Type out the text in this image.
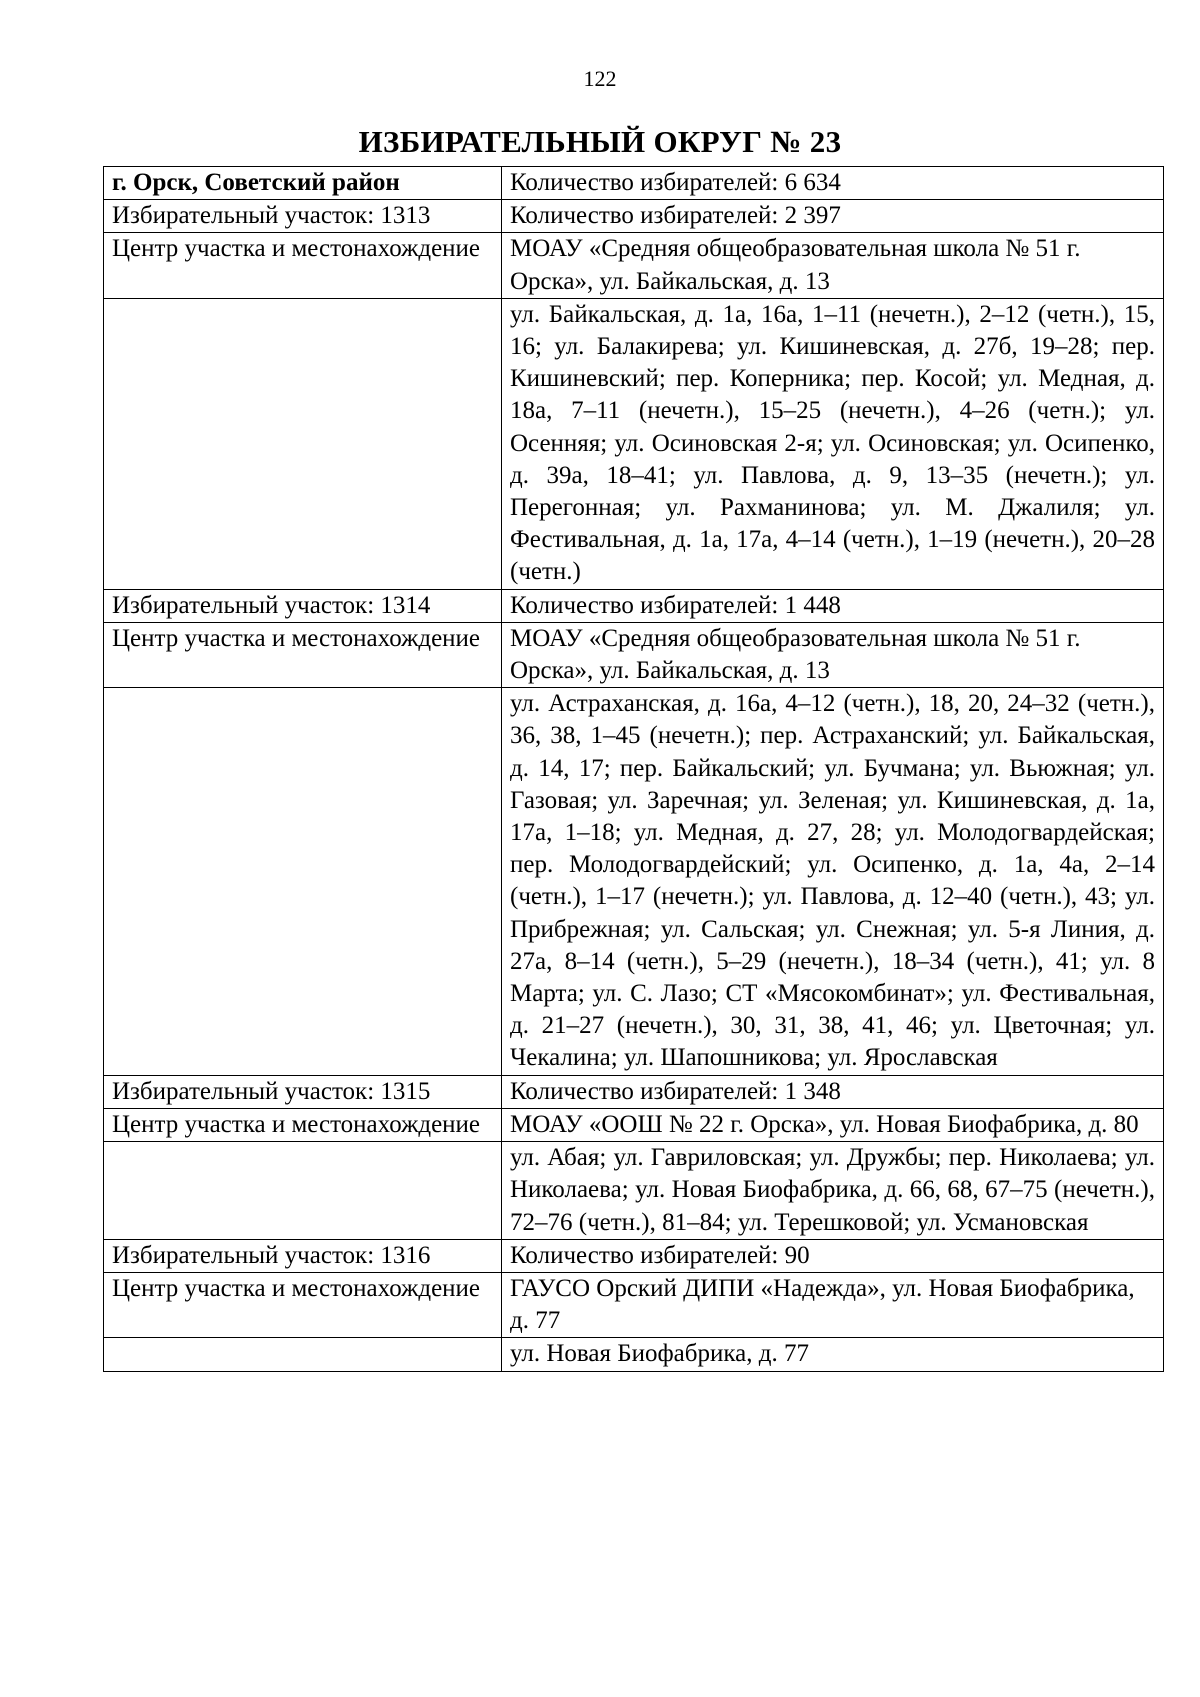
122
ИЗБИРАТЕЛЬНЫЙ ОКРУГ № 23
г. Орск, Советский район	Количество избирателей: 6 634
Избирательный участок: 1313	Количество избирателей: 2 397
Центр участка и местонахождение	МОАУ «Средняя общеобразовательная школа № 51 г. Орска», ул. Байкальская, д. 13
	ул. Байкальская, д. 1а, 16а, 1–11 (нечетн.), 2–12 (четн.), 15, 16; ул. Балакирева; ул. Кишиневская, д. 27б, 19–28; пер. Кишиневский; пер. Коперника; пер. Косой; ул. Медная, д. 18а, 7–11 (нечетн.), 15–25 (нечетн.), 4–26 (четн.); ул. Осенняя; ул. Осиновская 2-я; ул. Осиновская; ул. Осипенко, д. 39а, 18–41; ул. Павлова, д. 9, 13–35 (нечетн.); ул. Перегонная; ул. Рахманинова; ул. М. Джалиля; ул. Фестивальная, д. 1а, 17а, 4–14 (четн.), 1–19 (нечетн.), 20–28 (четн.)
Избирательный участок: 1314	Количество избирателей: 1 448
Центр участка и местонахождение	МОАУ «Средняя общеобразовательная школа № 51 г. Орска», ул. Байкальская, д. 13
	ул. Астраханская, д. 16а, 4–12 (четн.), 18, 20, 24–32 (четн.), 36, 38, 1–45 (нечетн.); пер. Астраханский; ул. Байкальская, д. 14, 17; пер. Байкальский; ул. Бучмана; ул. Вьюжная; ул. Газовая; ул. Заречная; ул. Зеленая; ул. Кишиневская, д. 1а, 17а, 1–18; ул. Медная, д. 27, 28; ул. Молодогвардейская; пер. Молодогвардейский; ул. Осипенко, д. 1а, 4а, 2–14 (четн.), 1–17 (нечетн.); ул. Павлова, д. 12–40 (четн.), 43; ул. Прибрежная; ул. Сальская; ул. Снежная; ул. 5-я Линия, д. 27а, 8–14 (четн.), 5–29 (нечетн.), 18–34 (четн.), 41; ул. 8 Марта; ул. С. Лазо; СТ «Мясокомбинат»; ул. Фестивальная, д. 21–27 (нечетн.), 30, 31, 38, 41, 46; ул. Цветочная; ул. Чекалина; ул. Шапошникова; ул. Ярославская
Избирательный участок: 1315	Количество избирателей: 1 348
Центр участка и местонахождение	МОАУ «ООШ № 22 г. Орска», ул. Новая Биофабрика, д. 80
	ул. Абая; ул. Гавриловская; ул. Дружбы; пер. Николаева; ул. Николаева; ул. Новая Биофабрика, д. 66, 68, 67–75 (нечетн.), 72–76 (четн.), 81–84; ул. Терешковой; ул. Усмановская
Избирательный участок: 1316	Количество избирателей: 90
Центр участка и местонахождение	ГАУСО Орский ДИПИ «Надежда», ул. Новая Биофабрика, д. 77
	ул. Новая Биофабрика, д. 77
